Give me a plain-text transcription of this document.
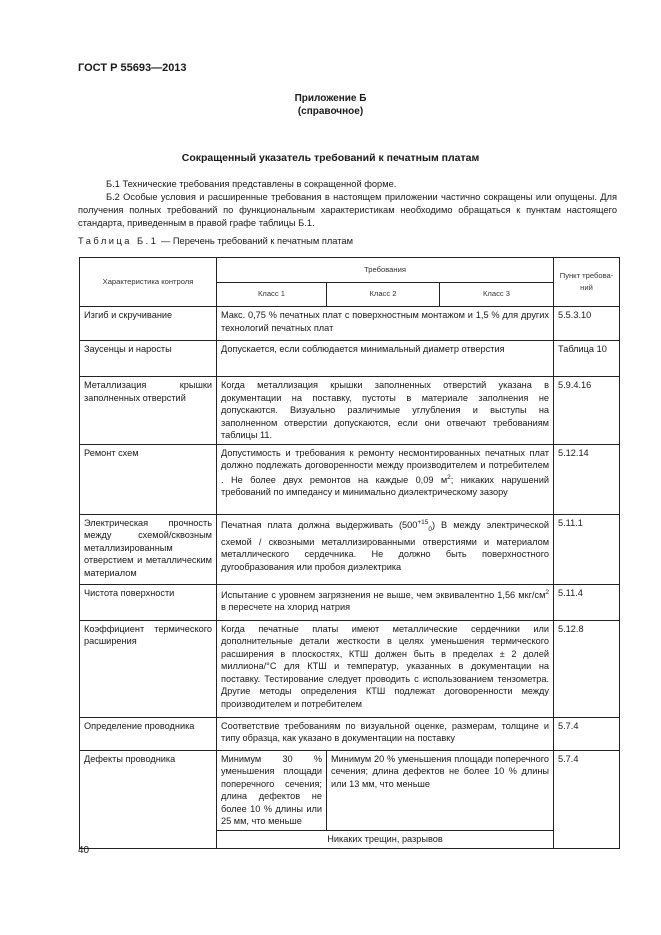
ГОСТ Р 55693—2013
Приложение Б
(справочное)
Сокращенный указатель требований к печатным платам
Б.1 Технические требования представлены в сокращенной форме.
Б.2 Особые условия и расширенные требования в настоящем приложении частично сокращены или опущены. Для получения полных требований по функциональным характеристикам необходимо обращаться к пунктам настоящего стандарта, приведенным в правой графе таблицы Б.1.
Таблица Б.1 — Перечень требований к печатным платам
Характеристика контроля	Требования			Пункт требова-ний
	Класс 1	Класс 2	Класс 3	
Изгиб и скручивание	Макс. 0,75 % печатных плат с поверхностным монтажом и 1,5 % для других технологий печатных плат			5.5.3.10
Заусенцы и наросты	Допускается, если соблюдается минимальный диаметр отверстия			Таблица 10
Металлизация крышки заполненных отверстий	Когда металлизация крышки заполненных отверстий указана в документации на поставку, пустоты в материале заполнения не допускаются. Визуально различимые углубления и выступы на заполненном отверстии допускаются, если они отвечают требованиям таблицы 11.			5.9.4.16
Ремонт схем	Допустимость и требования к ремонту несмонтированных печатных плат должно подлежать договоренности между производителем и потребителем . Не более двух ремонтов на каждые 0,09 $м^2$; никаких нарушений требований по импедансу и минимально диэлектрическому зазору			5.12.14
Электрическая прочность между схемой/сквозным металлизированным отверстием и металлическим материалом	Печатная плата должна выдерживать $(500^{+15}_0)$ В между электрической схемой / сквозными металлизированными отверстиями и материалом металлического сердечника. Не должно быть поверхностного дугообразования или пробоя диэлектрика			5.11.1
Чистота поверхности	Испытание с уровнем загрязнения не выше, чем эквивалентно 1,56 мкг/$см^2$ в пересчете на хлорид натрия			5.11.4
Коэффициент термического расширения	Когда печатные платы имеют металлические сердечники или дополнительные детали жесткости в целях уменьшения термического расширения в плоскостях, КТШ должен быть в пределах ± 2 долей миллиона/°С для КТШ и температур, указанных в документации на поставку. Тестирование следует проводить с использованием тензометра. Другие методы определения КТШ подлежат договоренности между производителем и потребителем			5.12.8
Определение проводника	Соответствие требованиям по визуальной оценке, размерам, толщине и типу образца, как указано в документации на поставку			5.7.4
Дефекты проводника	Минимум 30 % уменьшения площади поперечного сечения; длина дефектов не более 10 % длины или 25 мм, что меньше	Минимум 20 % уменьшения площади поперечного сечения; длина дефектов не более 10 % длины или 13 мм, что меньше		5.7.4
	Никаких трещин, разрывов			
40
